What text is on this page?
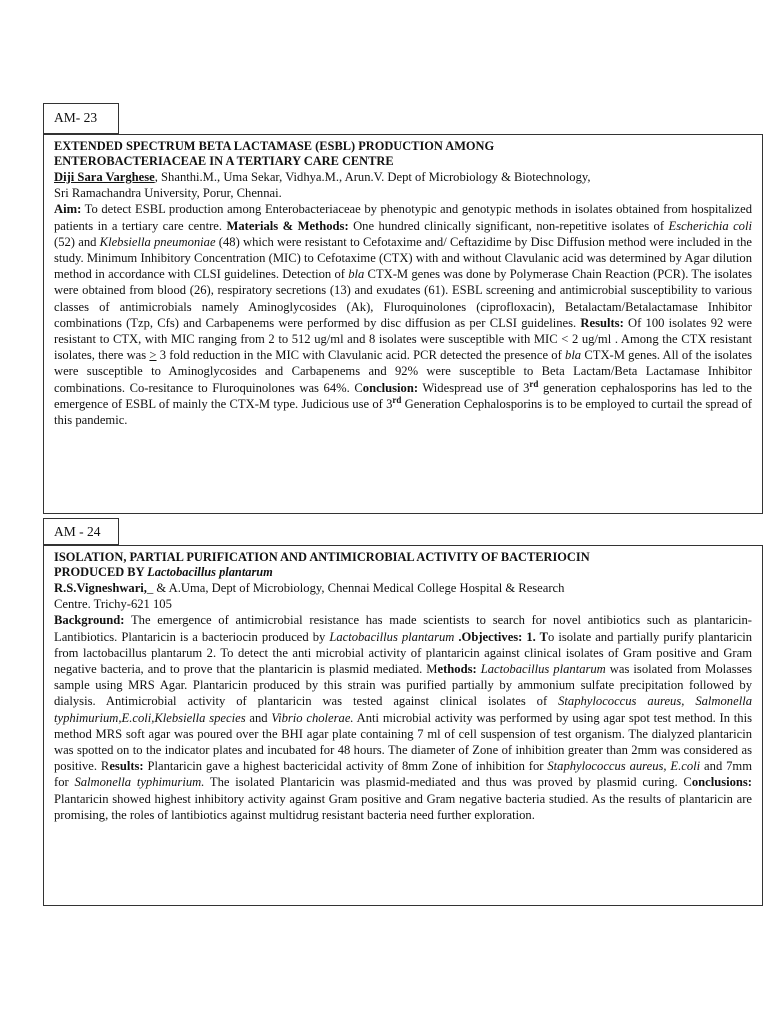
AM- 23

EXTENDED SPECTRUM BETA LACTAMASE (ESBL) PRODUCTION AMONG
ENTEROBACTERIACEAE IN A TERTIARY CARE CENTRE

Diji Sara Varghese, Shanthi.M., Uma Sekar, Vidhya.M., Arun.V. Dept of Microbiology & Biotechnology,
Sri Ramachandra University, Porur, Chennai.

Aim: To detect ESBL production among Enterobacteriaceae by phenotypic and genotypic methods in isolates obtained from hospitalized patients in a tertiary care centre. Materials & Methods: One hundred clinically significant, non-repetitive isolates of Escherichia coli (52) and Klebsiella pneumoniae (48) which were resistant to Cefotaxime and/ Ceftazidime by Disc Diffusion method were included in the study. Minimum Inhibitory Concentration (MIC) to Cefotaxime (CTX) with and without Clavulanic acid was determined by Agar dilution method in accordance with CLSI guidelines. Detection of bla CTX-M genes was done by Polymerase Chain Reaction (PCR). The isolates were obtained from blood (26), respiratory secretions (13) and exudates (61). ESBL screening and antimicrobial susceptibility to various classes of antimicrobials namely Aminoglycosides (Ak), Fluroquinolones (ciprofloxacin), Betalactam/Betalactamase Inhibitor combinations (Tzp, Cfs) and Carbapenems were performed by disc diffusion as per CLSI guidelines. Results: Of 100 isolates 92 were resistant to CTX, with MIC ranging from 2 to 512 ug/ml and 8 isolates were susceptible with MIC < 2 ug/ml . Among the CTX resistant isolates, there was ≥ 3 fold reduction in the MIC with Clavulanic acid. PCR detected the presence of bla CTX-M genes. All of the isolates were susceptible to Aminoglycosides and Carbapenems and 92% were susceptible to Beta Lactam/Beta Lactamase Inhibitor combinations. Co-resitance to Fluroquinolones was 64%. Conclusion: Widespread use of 3rd generation cephalosporins has led to the emergence of ESBL of mainly the CTX-M type. Judicious use of 3rd Generation Cephalosporins is to be employed to curtail the spread of this pandemic.

AM - 24

ISOLATION, PARTIAL PURIFICATION AND ANTIMICROBIAL ACTIVITY OF BACTERIOCIN
PRODUCED BY Lactobacillus plantarum

R.S.Vigneshwari,_ & A.Uma, Dept of Microbiology, Chennai Medical College Hospital & Research
Centre. Trichy-621 105

Background: The emergence of antimicrobial resistance has made scientists to search for novel antibiotics such as plantaricin- Lantibiotics. Plantaricin is a bacteriocin produced by Lactobacillus plantarum .Objectives: 1. To isolate and partially purify plantaricin from lactobacillus plantarum 2. To detect the anti microbial activity of plantaricin against clinical isolates of Gram positive and Gram negative bacteria, and to prove that the plantaricin is plasmid mediated. Methods: Lactobacillus plantarum was isolated from Molasses sample using MRS Agar. Plantaricin produced by this strain was purified partially by ammonium sulfate precipitation followed by dialysis. Antimicrobial activity of plantaricin was tested against clinical isolates of Staphylococcus aureus, Salmonella typhimurium,E.coli,Klebsiella species and Vibrio cholerae. Anti microbial activity was performed by using agar spot test method. In this method MRS soft agar was poured over the BHI agar plate containing 7 ml of cell suspension of test organism. The dialyzed plantaricin was spotted on to the indicator plates and incubated for 48 hours. The diameter of Zone of inhibition greater than 2mm was considered as positive. Results: Plantaricin gave a highest bactericidal activity of 8mm Zone of inhibition for Staphylococcus aureus, E.coli and 7mm for Salmonella typhimurium. The isolated Plantaricin was plasmid-mediated and thus was proved by plasmid curing. Conclusions: Plantaricin showed highest inhibitory activity against Gram positive and Gram negative bacteria studied. As the results of plantaricin are promising, the roles of lantibiotics against multidrug resistant bacteria need further exploration.
